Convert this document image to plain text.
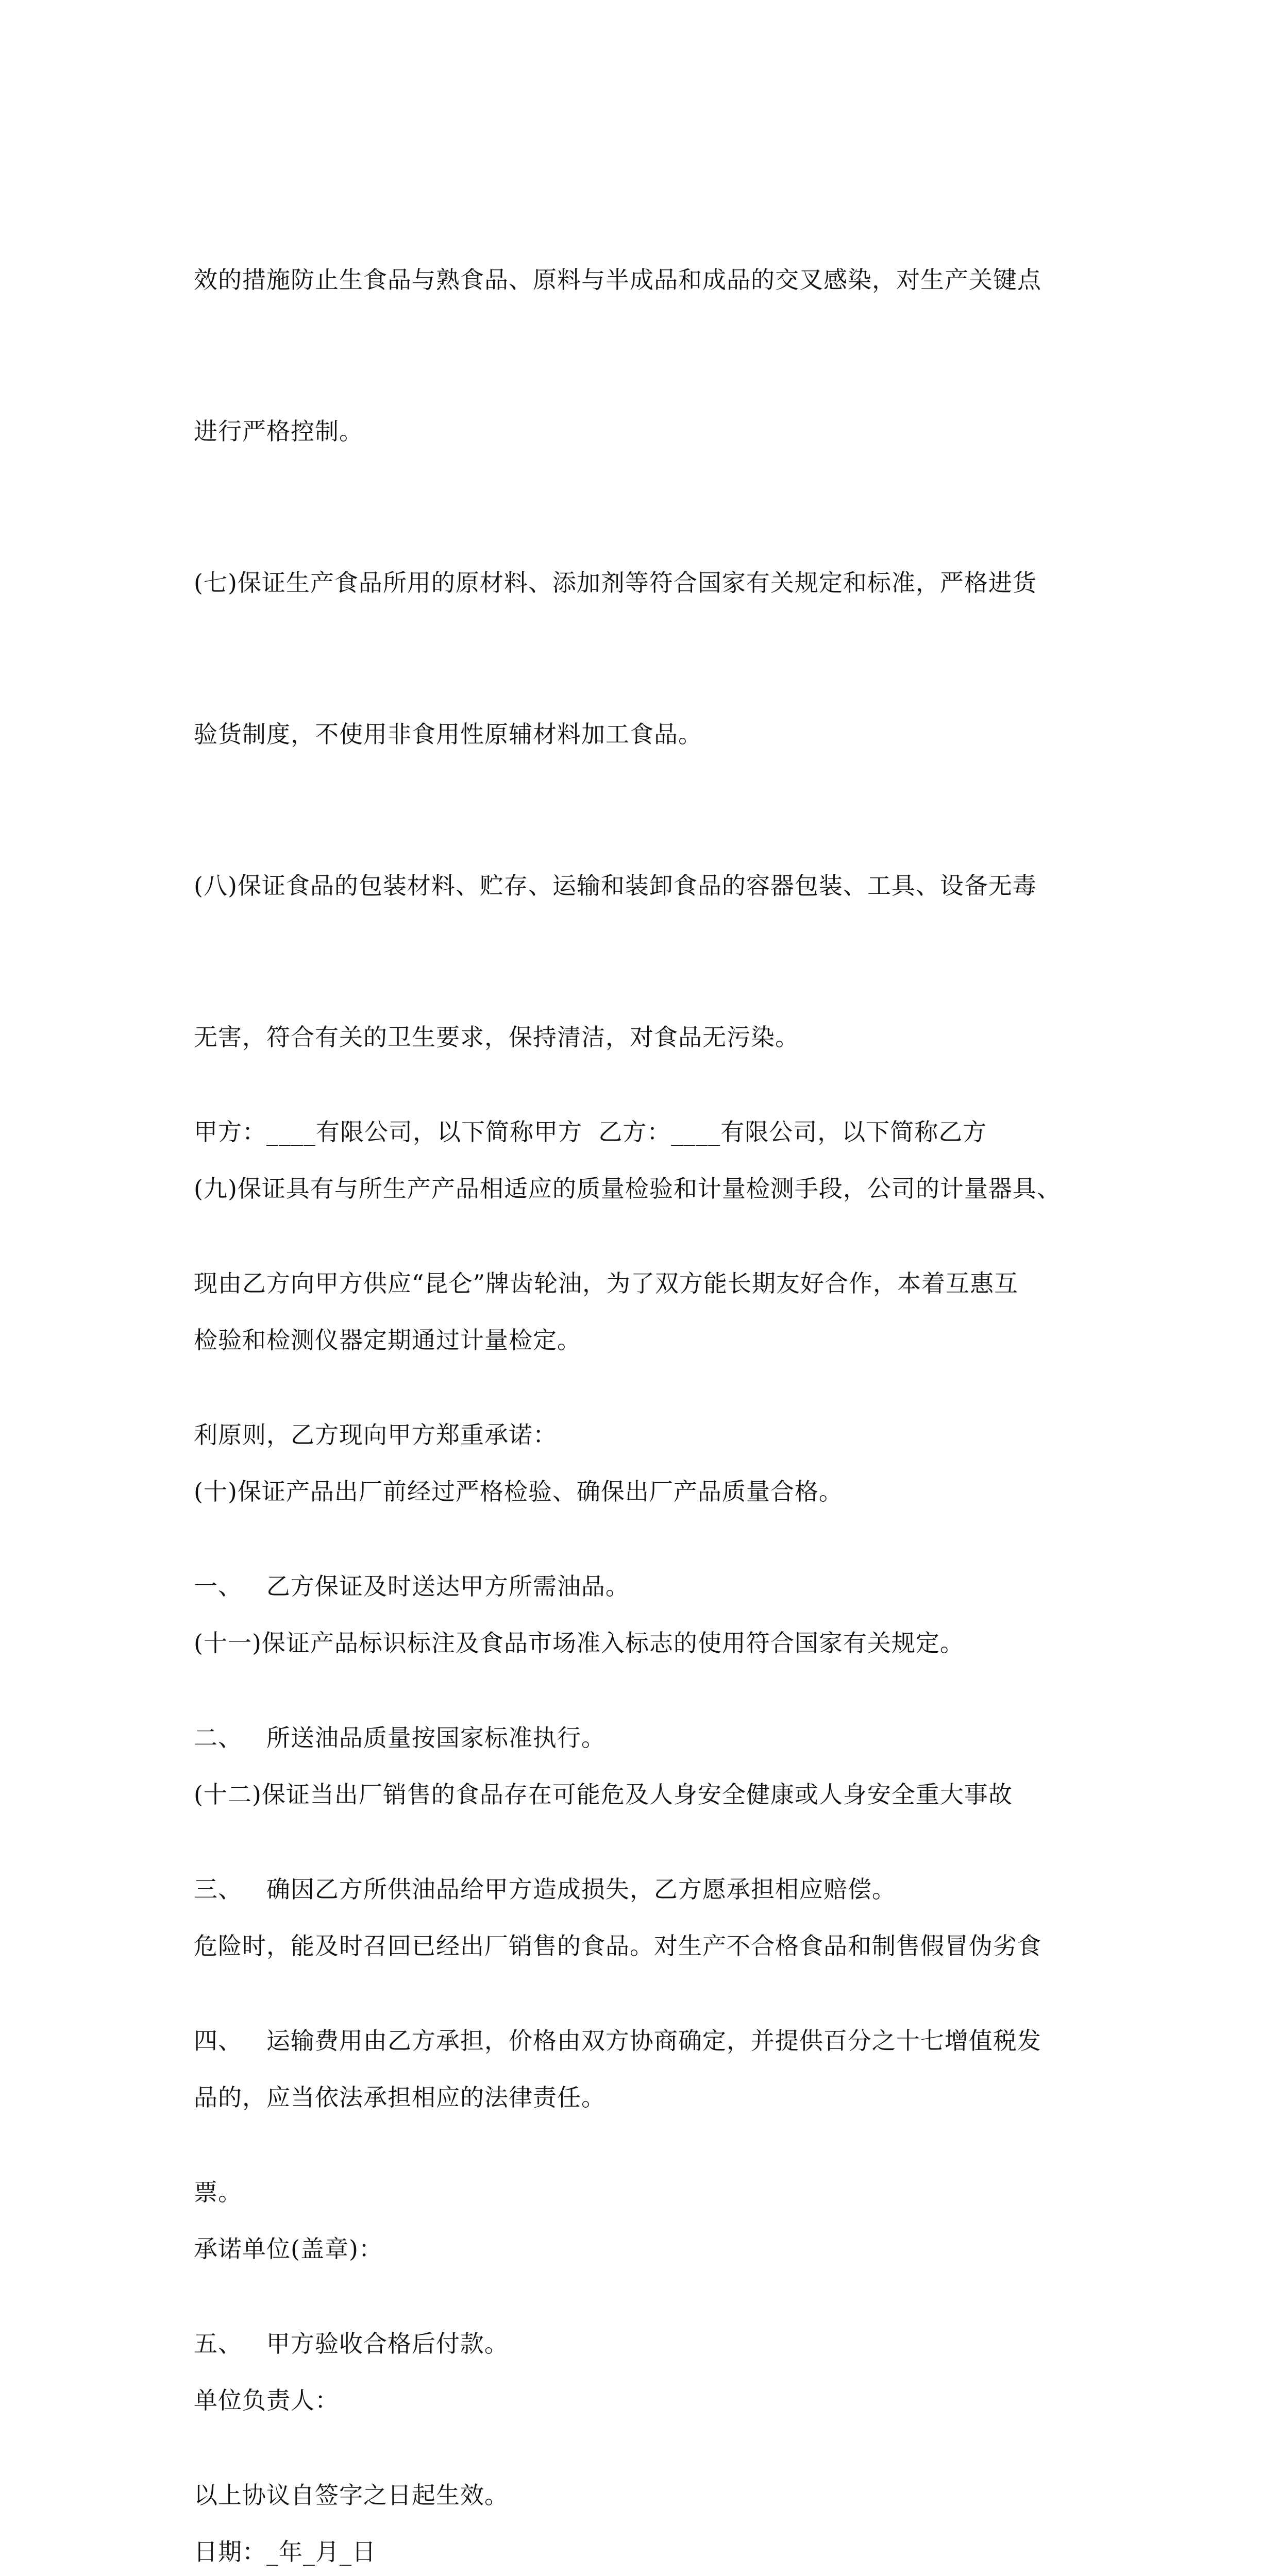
效的措施防止生食品与熟食品、原料与半成品和成品的交叉感染，对生产关键点

进行严格控制。

(七)保证生产食品所用的原材料、添加剂等符合国家有关规定和标准，严格进货

验货制度，不使用非食用性原辅材料加工食品。

(八)保证食品的包装材料、贮存、运输和装卸食品的容器包装、工具、设备无毒

无害，符合有关的卫生要求，保持清洁，对食品无污染。

(九)保证具有与所生产产品相适应的质量检验和计量检测手段，公司的计量器具、

检验和检测仪器定期通过计量检定。

(十)保证产品出厂前经过严格检验、确保出厂产品质量合格。

(十一)保证产品标识标注及食品市场准入标志的使用符合国家有关规定。

(十二)保证当出厂销售的食品存在可能危及人身安全健康或人身安全重大事故

危险时，能及时召回已经出厂销售的食品。对生产不合格食品和制售假冒伪劣食

品的，应当依法承担相应的法律责任。

承诺单位(盖章)：

单位负责人：

日期：_年_月_日

甲方：____有限公司，以下简称甲方  乙方：____有限公司，以下简称乙方

现由乙方向甲方供应“昆仑”牌齿轮油，为了双方能长期友好合作，本着互惠互

利原则，乙方现向甲方郑重承诺：

一、   乙方保证及时送达甲方所需油品。

二、   所送油品质量按国家标准执行。

三、   确因乙方所供油品给甲方造成损失，乙方愿承担相应赔偿。

四、   运输费用由乙方承担，价格由双方协商确定，并提供百分之十七增值税发

票。

五、   甲方验收合格后付款。

以上协议自签字之日起生效。
